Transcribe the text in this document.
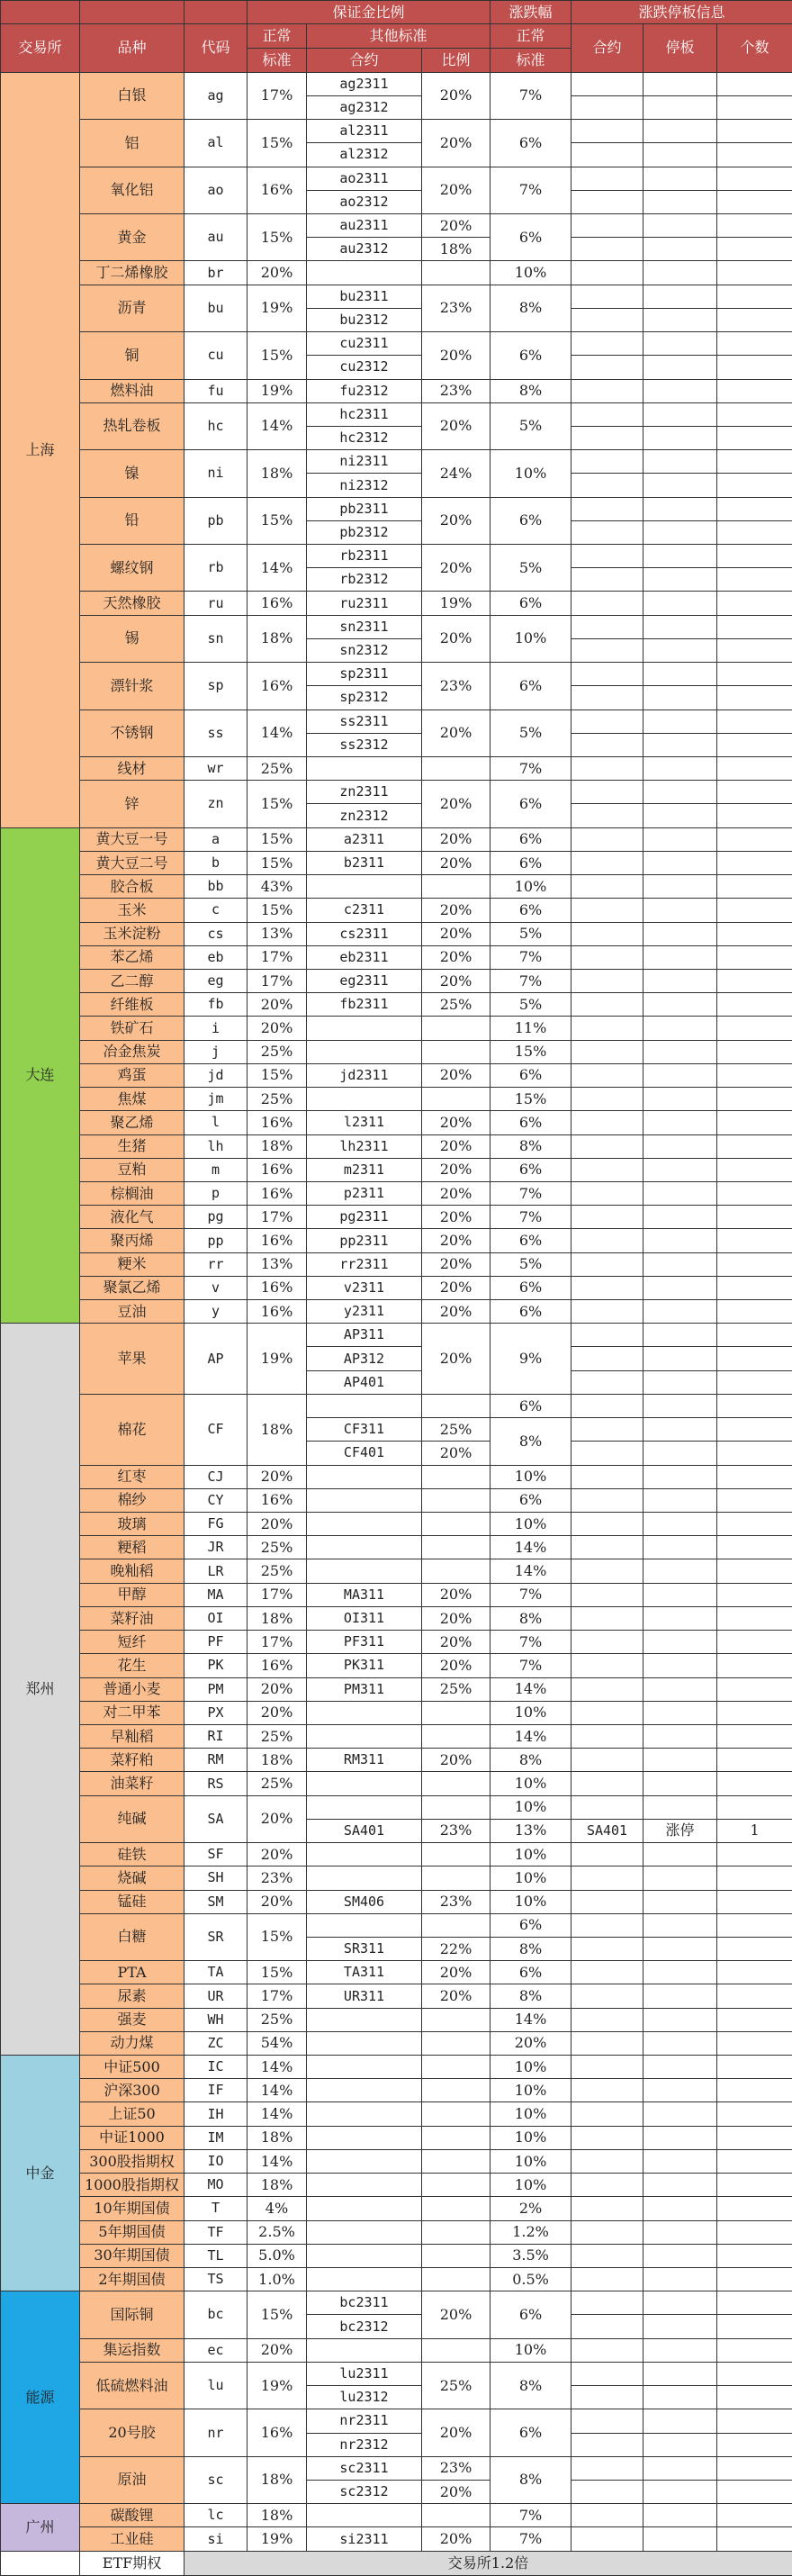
			保证金比例			涨跌幅	涨跌停板信息		
交易所	品种	代码	正常	其他标准		正常	合约	停板	个数
			标准	合约	比例	标准			
上海	白银	ag	17%	ag2311	20%	7%			
				ag2312					
	铝	al	15%	al2311	20%	6%			
				al2312					
	氧化铝	ao	16%	ao2311	20%	7%			
				ao2312					
	黄金	au	15%	au2311	20%	6%			
				au2312	18%				
	丁二烯橡胶	br	20%			10%			
	沥青	bu	19%	bu2311	23%	8%			
				bu2312					
	铜	cu	15%	cu2311	20%	6%			
				cu2312					
	燃料油	fu	19%	fu2312	23%	8%			
	热轧卷板	hc	14%	hc2311	20%	5%			
				hc2312					
	镍	ni	18%	ni2311	24%	10%			
				ni2312					
	铅	pb	15%	pb2311	20%	6%			
				pb2312					
	螺纹钢	rb	14%	rb2311	20%	5%			
				rb2312					
	天然橡胶	ru	16%	ru2311	19%	6%			
	锡	sn	18%	sn2311	20%	10%			
				sn2312					
	漂针浆	sp	16%	sp2311	23%	6%			
				sp2312					
	不锈钢	ss	14%	ss2311	20%	5%			
				ss2312					
	线材	wr	25%			7%			
	锌	zn	15%	zn2311	20%	6%			
				zn2312					
大连	黄大豆一号	a	15%	a2311	20%	6%			
	黄大豆二号	b	15%	b2311	20%	6%			
	胶合板	bb	43%			10%			
	玉米	c	15%	c2311	20%	6%			
	玉米淀粉	cs	13%	cs2311	20%	5%			
	苯乙烯	eb	17%	eb2311	20%	7%			
	乙二醇	eg	17%	eg2311	20%	7%			
	纤维板	fb	20%	fb2311	25%	5%			
	铁矿石	i	20%			11%			
	冶金焦炭	j	25%			15%			
	鸡蛋	jd	15%	jd2311	20%	6%			
	焦煤	jm	25%			15%			
	聚乙烯	l	16%	l2311	20%	6%			
	生猪	lh	18%	lh2311	20%	8%			
	豆粕	m	16%	m2311	20%	6%			
	棕榈油	p	16%	p2311	20%	7%			
	液化气	pg	17%	pg2311	20%	7%			
	聚丙烯	pp	16%	pp2311	20%	6%			
	粳米	rr	13%	rr2311	20%	5%			
	聚氯乙烯	v	16%	v2311	20%	6%			
	豆油	y	16%	y2311	20%	6%			
郑州	苹果	AP	19%	AP311	20%	9%			
				AP312					
				AP401					
	棉花	CF	18%			6%			
				CF311	25%	8%			
				CF401	20%				
	红枣	CJ	20%			10%			
	棉纱	CY	16%			6%			
	玻璃	FG	20%			10%			
	粳稻	JR	25%			14%			
	晚籼稻	LR	25%			14%			
	甲醇	MA	17%	MA311	20%	7%			
	菜籽油	OI	18%	OI311	20%	8%			
	短纤	PF	17%	PF311	20%	7%			
	花生	PK	16%	PK311	20%	7%			
	普通小麦	PM	20%	PM311	25%	14%			
	对二甲苯	PX	20%			10%			
	早籼稻	RI	25%			14%			
	菜籽粕	RM	18%	RM311	20%	8%			
	油菜籽	RS	25%			10%			
	纯碱	SA	20%			10%			
				SA401	23%	13%	SA401	涨停	1
	硅铁	SF	20%			10%			
	烧碱	SH	23%			10%			
	锰硅	SM	20%	SM406	23%	10%			
	白糖	SR	15%			6%			
				SR311	22%	8%			
	PTA	TA	15%	TA311	20%	6%			
	尿素	UR	17%	UR311	20%	8%			
	强麦	WH	25%			14%			
	动力煤	ZC	54%			20%			
中金	中证500	IC	14%			10%			
	沪深300	IF	14%			10%			
	上证50	IH	14%			10%			
	中证1000	IM	18%			10%			
	300股指期权	IO	14%			10%			
	1000股指期权	MO	18%			10%			
	10年期国债	T	4%			2%			
	5年期国债	TF	2.5%			1.2%			
	30年期国债	TL	5.0%			3.5%			
	2年期国债	TS	1.0%			0.5%			
能源	国际铜	bc	15%	bc2311	20%	6%			
				bc2312					
	集运指数	ec	20%			10%			
	低硫燃料油	lu	19%	lu2311	25%	8%			
				lu2312					
	20号胶	nr	16%	nr2311	20%	6%			
				nr2312					
	原油	sc	18%	sc2311	23%	8%			
				sc2312	20%				
广州	碳酸锂	lc	18%			7%			
	工业硅	si	19%	si2311	20%	7%			
	ETF期权	交易所1.2倍							
